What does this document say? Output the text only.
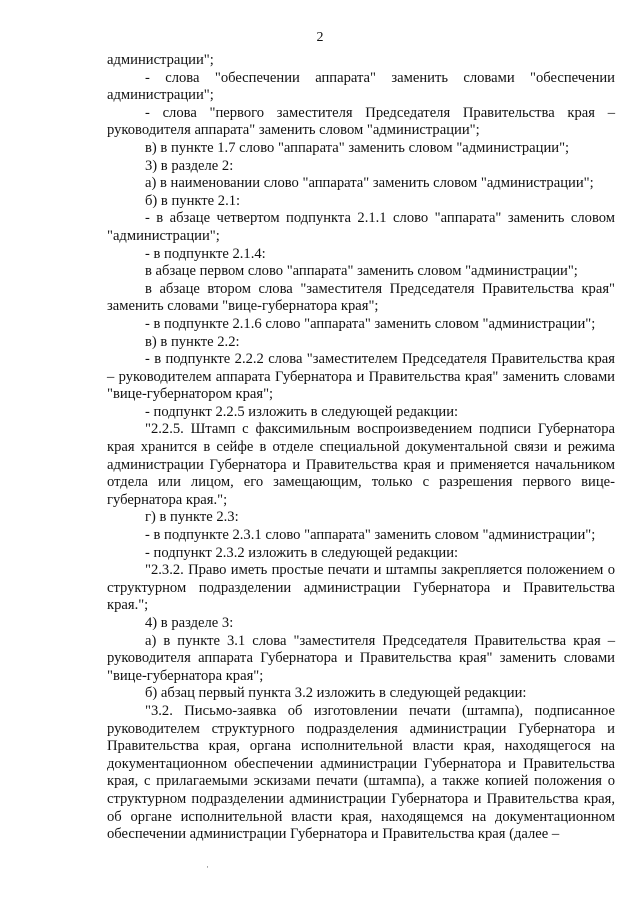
2

администрации";

- слова "обеспечении аппарата" заменить словами "обеспечении администрации";

- слова "первого заместителя Председателя Правительства края – руководителя аппарата" заменить словом "администрации";

в) в пункте 1.7 слово "аппарата" заменить словом "администрации";

3) в разделе 2:

а) в наименовании слово "аппарата" заменить словом "администрации";

б) в пункте 2.1:

- в абзаце четвертом подпункта 2.1.1 слово "аппарата" заменить словом "администрации";

- в подпункте 2.1.4:

в абзаце первом слово "аппарата" заменить словом "администрации";

в абзаце втором слова "заместителя Председателя Правительства края" заменить словами "вице-губернатора края";

- в подпункте 2.1.6 слово "аппарата" заменить словом "администрации";

в) в пункте 2.2:

- в подпункте 2.2.2 слова "заместителем Председателя Правительства края – руководителем аппарата Губернатора и Правительства края" заменить словами "вице-губернатором края";

- подпункт 2.2.5 изложить в следующей редакции:

"2.2.5. Штамп с факсимильным воспроизведением подписи Губернатора края хранится в сейфе в отделе специальной документальной связи и режима администрации Губернатора и Правительства края и применяется начальником отдела или лицом, его замещающим, только с разрешения первого вице-губернатора края.";

г) в пункте 2.3:

- в подпункте 2.3.1 слово "аппарата" заменить словом "администрации";

- подпункт 2.3.2 изложить в следующей редакции:

"2.3.2. Право иметь простые печати и штампы закрепляется положением о структурном подразделении администрации Губернатора и Правительства края.";

4) в разделе 3:

а) в пункте 3.1 слова "заместителя Председателя Правительства края – руководителя аппарата Губернатора и Правительства края" заменить словами "вице-губернатора края";

б) абзац первый пункта 3.2 изложить в следующей редакции:

"3.2. Письмо-заявка об изготовлении печати (штампа), подписанное руководителем структурного подразделения администрации Губернатора и Правительства края, органа исполнительной власти края, находящегося на документационном обеспечении администрации Губернатора и Правительства края, с прилагаемыми эскизами печати (штампа), а также копией положения о структурном подразделении администрации Губернатора и Правительства края, об органе исполнительной власти края, находящемся на документационном обеспечении администрации Губернатора и Правительства края (далее –

·
